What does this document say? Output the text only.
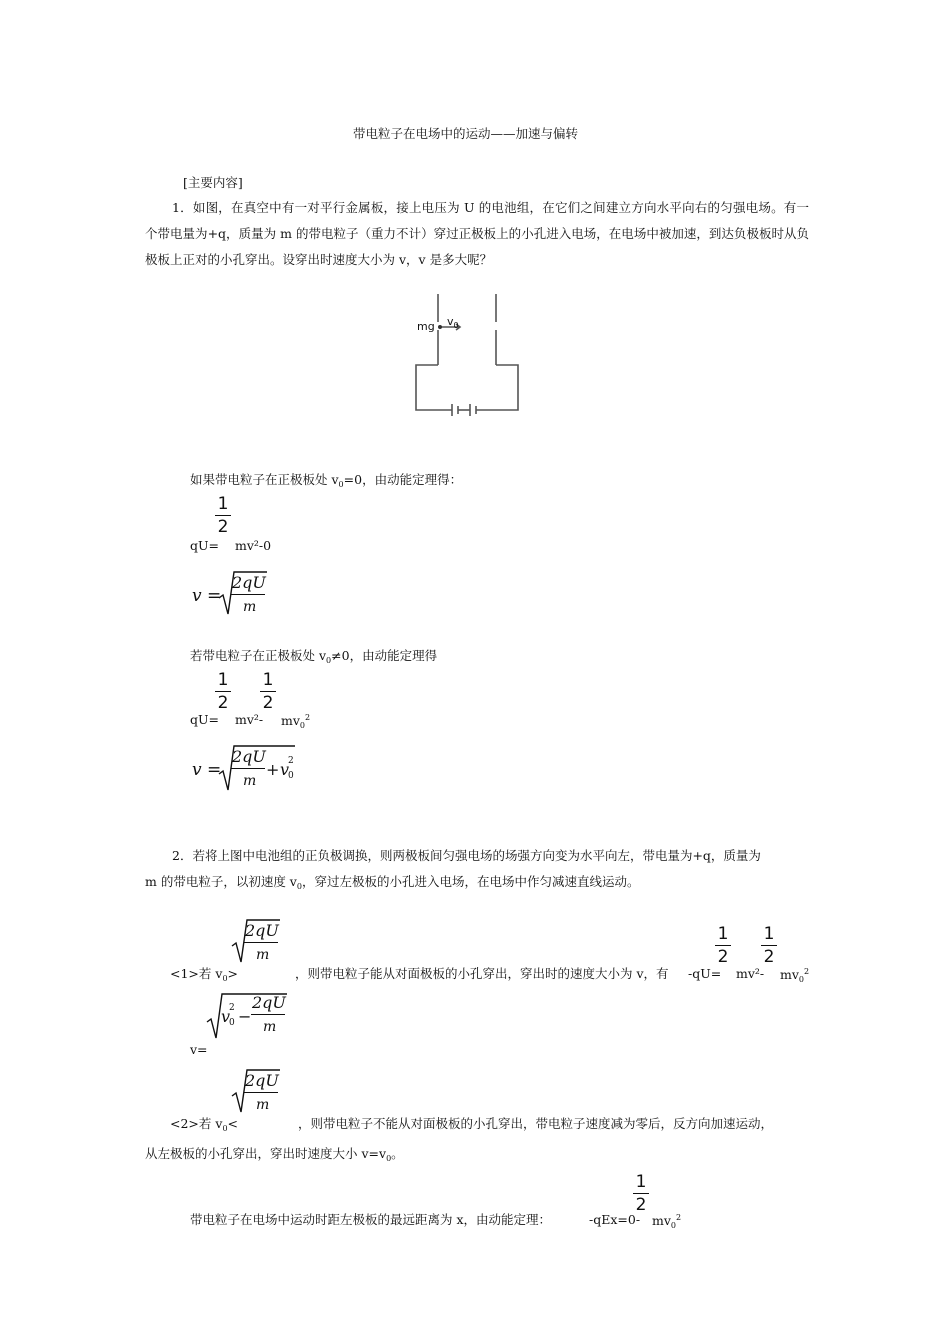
带电粒子在电场中的运动——加速与偏转
[主要内容]
1．如图，在真空中有一对平行金属板，接上电压为 U 的电池组，在它们之间建立方向水平向右的匀强电场。有一个带电量为+q，质量为 m 的带电粒子（重力不计）穿过正极板上的小孔进入电场，在电场中被加速，到达负极板时从负极板上正对的小孔穿出。设穿出时速度大小为 v，v 是多大呢？
mg $v_0$
如果带电粒子在正极板处 $v_0=0$，由动能定理得：
1
2
qU= mv²-0
v =
2qU
m
若带电粒子在正极板处 $v_0\ne 0$，由动能定理得
1
2
1
2
qU= mv²- $mv_0^2$
v =
2qU
m
+ v
2
0
2．若将上图中电池组的正负极调换，则两极板间匀强电场的场强方向变为水平向左，带电量为+q，质量为
m 的带电粒子，以初速度 $v_0$，穿过左极板的小孔进入电场，在电场中作匀减速直线运动。
2qU
m
1
2
1
2
<1>若 $v_0>$	，则带电粒子能从对面极板的小孔穿出，穿出时的速度大小为 v，有 -qU= mv²- $mv_0^2$
v
2
0 −
2qU
m
v=
2qU
m
<2>若 $v_0<$	，则带电粒子不能从对面极板的小孔穿出，带电粒子速度减为零后，反方向加速运动，
从左极板的小孔穿出，穿出时速度大小 $v=v_0$。
1
2
带电粒子在电场中运动时距左极板的最远距离为 x，由动能定理：	-qEx=0- $mv_0^2$
